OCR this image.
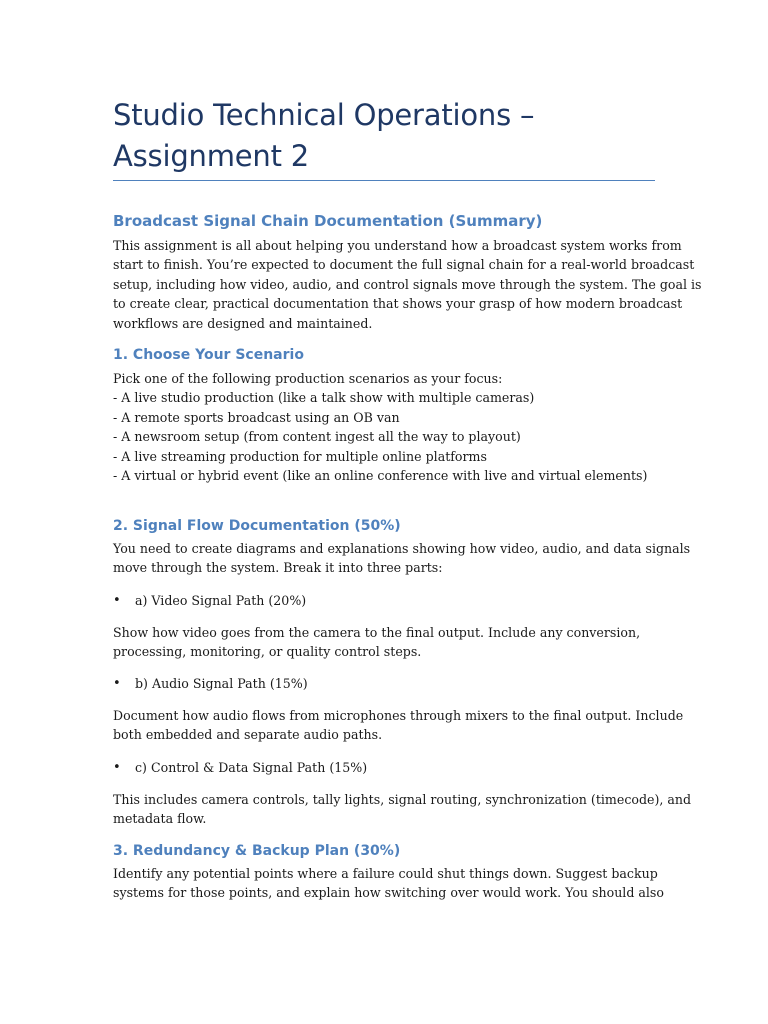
Studio Technical Operations –
Assignment 2
Broadcast Signal Chain Documentation (Summary)
This assignment is all about helping you understand how a broadcast system works from
start to finish. You’re expected to document the full signal chain for a real-world broadcast
setup, including how video, audio, and control signals move through the system. The goal is
to create clear, practical documentation that shows your grasp of how modern broadcast
workflows are designed and maintained.
1. Choose Your Scenario
Pick one of the following production scenarios as your focus:
- A live studio production (like a talk show with multiple cameras)
- A remote sports broadcast using an OB van
- A newsroom setup (from content ingest all the way to playout)
- A live streaming production for multiple online platforms
- A virtual or hybrid event (like an online conference with live and virtual elements)
2. Signal Flow Documentation (50%)
You need to create diagrams and explanations showing how video, audio, and data signals
move through the system. Break it into three parts:
• a) Video Signal Path (20%)
Show how video goes from the camera to the final output. Include any conversion,
processing, monitoring, or quality control steps.
• b) Audio Signal Path (15%)
Document how audio flows from microphones through mixers to the final output. Include
both embedded and separate audio paths.
• c) Control & Data Signal Path (15%)
This includes camera controls, tally lights, signal routing, synchronization (timecode), and
metadata flow.
3. Redundancy & Backup Plan (30%)
Identify any potential points where a failure could shut things down. Suggest backup
systems for those points, and explain how switching over would work. You should also
